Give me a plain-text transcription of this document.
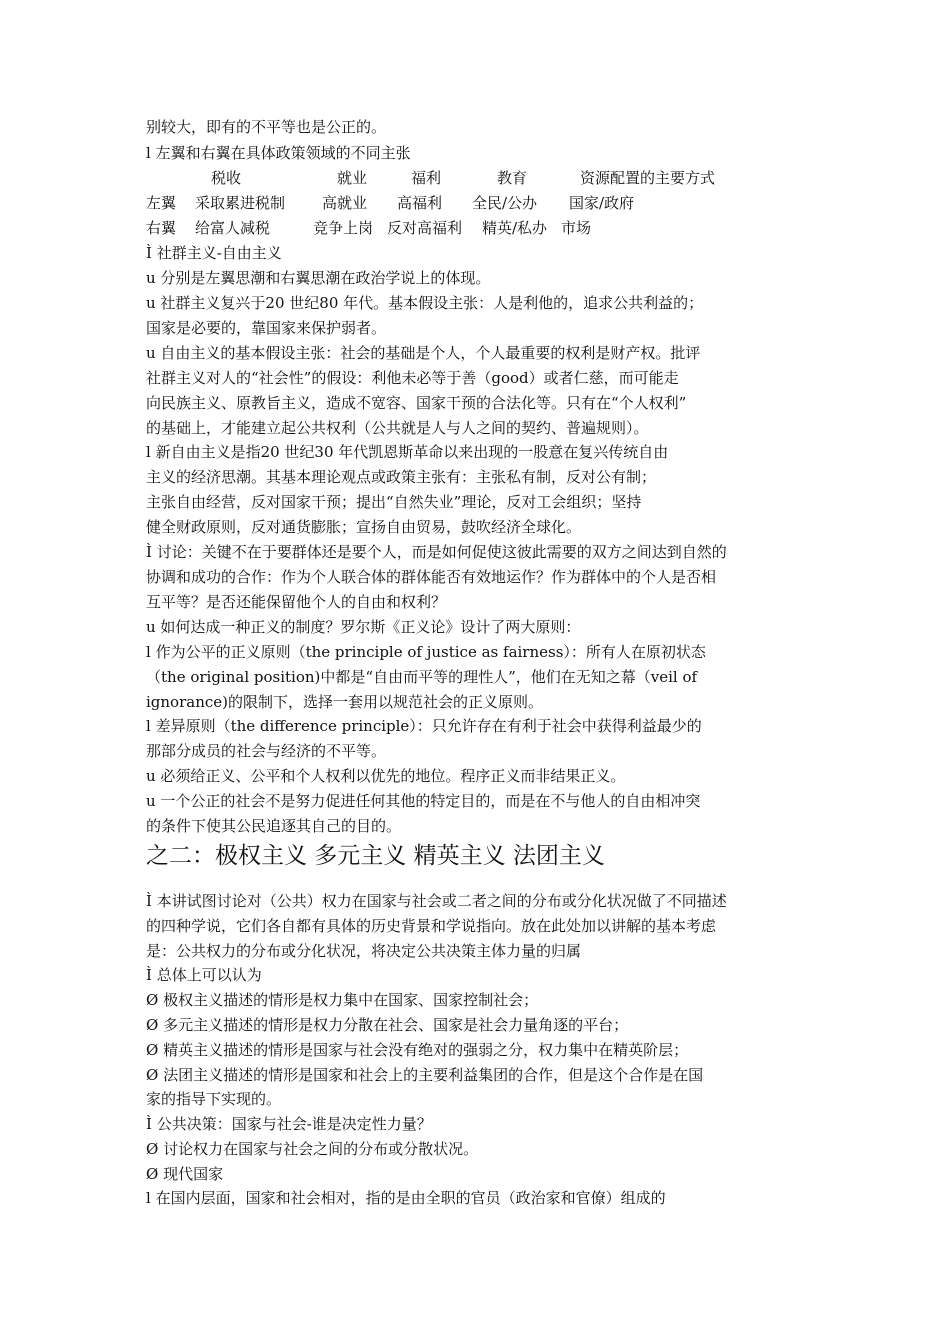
别较大，即有的不平等也是公正的。
l 左翼和右翼在具体政策领域的不同主张
税收	就业	福利	教育	资源配置的主要方式
左翼 采取累进税制 高就业 高福利 全民/公办 国家/政府
右翼 给富人减税	竞争上岗 反对高福利 精英/私办 市场
Ì 社群主义-自由主义
u 分别是左翼思潮和右翼思潮在政治学说上的体现。
u 社群主义复兴于20 世纪80 年代。基本假设主张：人是利他的，追求公共利益的；
国家是必要的，靠国家来保护弱者。
u 自由主义的基本假设主张：社会的基础是个人，个人最重要的权利是财产权。批评
社群主义对人的“社会性”的假设：利他未必等于善（good）或者仁慈，而可能走
向民族主义、原教旨主义，造成不宽容、国家干预的合法化等。只有在“个人权利”
的基础上，才能建立起公共权利（公共就是人与人之间的契约、普遍规则）。
l 新自由主义是指20 世纪30 年代凯恩斯革命以来出现的一股意在复兴传统自由
主义的经济思潮。其基本理论观点或政策主张有：主张私有制，反对公有制；
主张自由经营，反对国家干预；提出“自然失业”理论，反对工会组织；坚持
健全财政原则，反对通货膨胀；宣扬自由贸易，鼓吹经济全球化。
Ì 讨论：关键不在于要群体还是要个人，而是如何促使这彼此需要的双方之间达到自然的
协调和成功的合作：作为个人联合体的群体能否有效地运作？作为群体中的个人是否相
互平等？是否还能保留他个人的自由和权利？
u 如何达成一种正义的制度？罗尔斯《正义论》设计了两大原则：
l 作为公平的正义原则（the principle of justice as fairness）：所有人在原初状态
（the original position)中都是“自由而平等的理性人”，他们在无知之幕（veil of
ignorance)的限制下，选择一套用以规范社会的正义原则。
l 差异原则（the difference principle）：只允许存在有利于社会中获得利益最少的
那部分成员的社会与经济的不平等。
u 必须给正义、公平和个人权利以优先的地位。程序正义而非结果正义。
u 一个公正的社会不是努力促进任何其他的特定目的，而是在不与他人的自由相冲突
的条件下使其公民追逐其自己的目的。
之二：极权主义 多元主义 精英主义 法团主义
Ì 本讲试图讨论对（公共）权力在国家与社会或二者之间的分布或分化状况做了不同描述
的四种学说，它们各自都有具体的历史背景和学说指向。放在此处加以讲解的基本考虑
是：公共权力的分布或分化状况，将决定公共决策主体力量的归属
Ì 总体上可以认为
Ø 极权主义描述的情形是权力集中在国家、国家控制社会；
Ø 多元主义描述的情形是权力分散在社会、国家是社会力量角逐的平台；
Ø 精英主义描述的情形是国家与社会没有绝对的强弱之分，权力集中在精英阶层；
Ø 法团主义描述的情形是国家和社会上的主要利益集团的合作，但是这个合作是在国
家的指导下实现的。
Ì 公共决策：国家与社会-谁是决定性力量？
Ø 讨论权力在国家与社会之间的分布或分散状况。
Ø 现代国家
l 在国内层面，国家和社会相对，指的是由全职的官员（政治家和官僚）组成的
